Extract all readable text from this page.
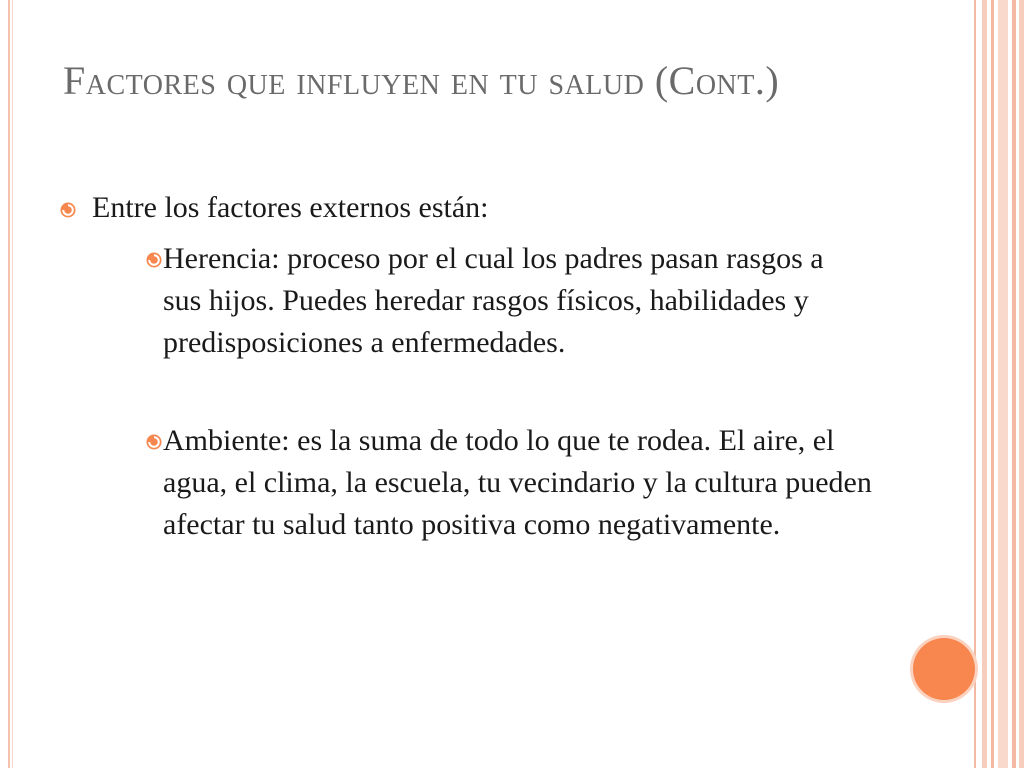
Factores que influyen en tu salud (Cont.)
Entre los factores externos están:
Herencia: proceso por el cual los padres pasan rasgos a sus hijos. Puedes heredar rasgos físicos, habilidades y predisposiciones a enfermedades.
Ambiente: es la suma de todo lo que te rodea. El aire, el agua, el clima, la escuela, tu vecindario y la cultura pueden afectar tu salud tanto positiva como negativamente.
